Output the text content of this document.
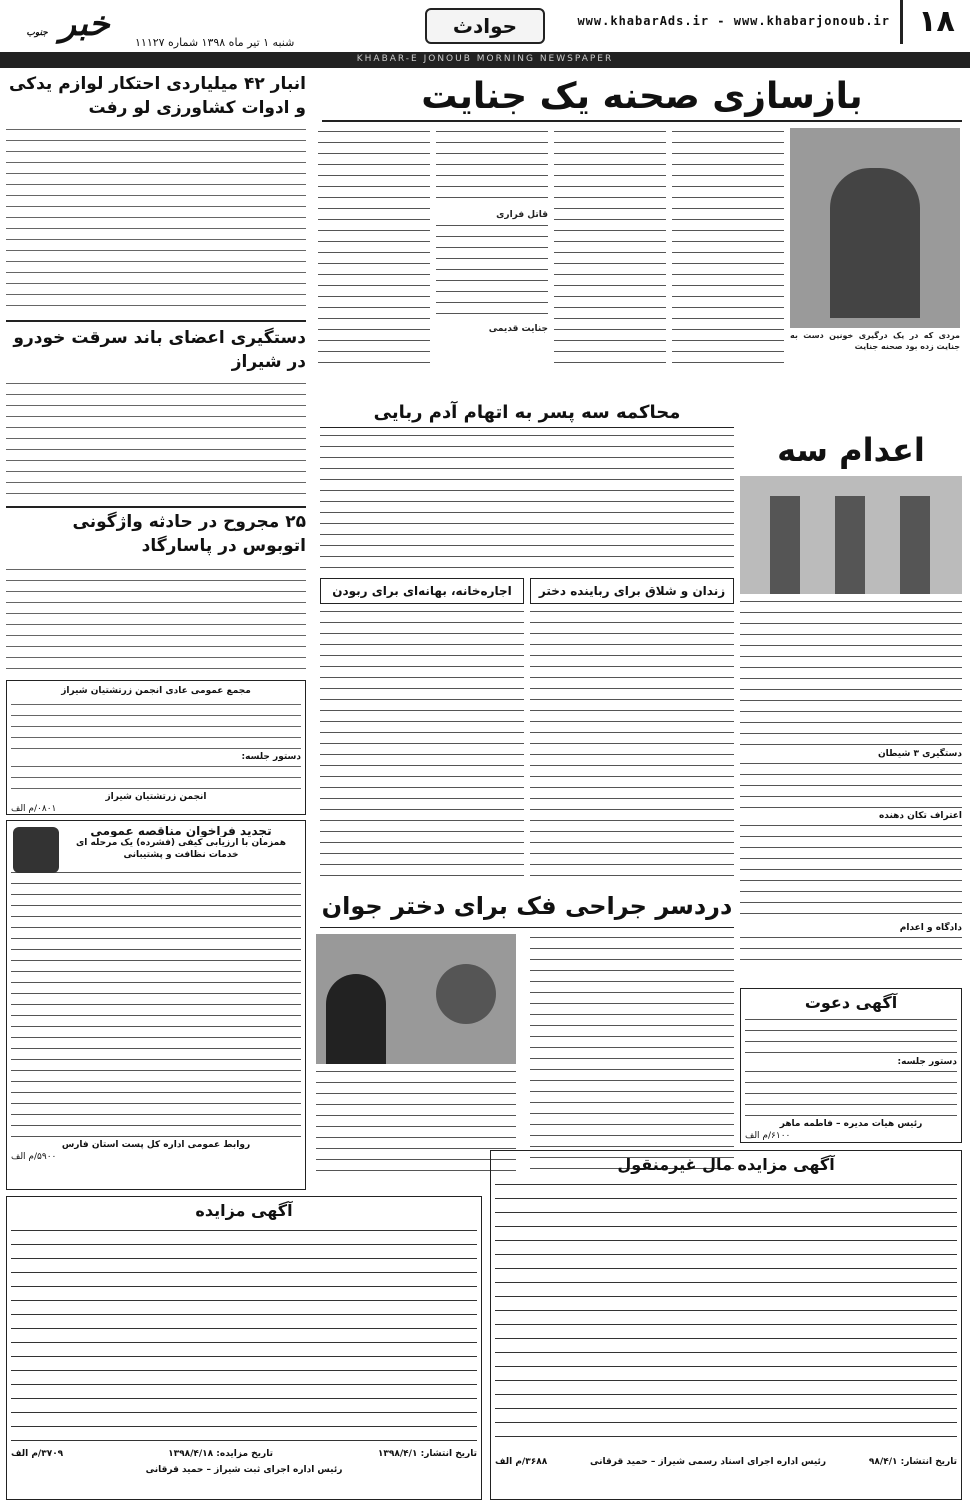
١٨
www.khabarAds.ir - www.khabarjonoub.ir
حوادث
خبر جنوب
شنبه ۱ تیر ماه ۱۳۹۸ شماره ۱۱۱۲۷
KHABAR-E JONOUB MORNING NEWSPAPER
بازسازی صحنه یک جنایت
مردی که در یک درگیری خونین دست به جنایت زده بود صحنه جنایت
قاتل فراری
جنایت قدیمی
انبار ۴۲ میلیاردی احتکار لوازم یدکی و ادوات کشاورزی لو رفت
دستگیری اعضای باند سرقت خودرو در شیراز
۲۵ مجروح در حادثه واژگونی اتوبوس در پاسارگاد
مجمع عمومی عادی انجمن زرتشتیان شیراز
دستور جلسه:
انجمن زرتشتیان شیراز
۰۸۰۱/م الف
تجدید فراخوان مناقصه عمومی
همزمان با ارزیابی کیفی (فشرده) یک مرحله ای خدمات نظافت و پشتیبانی
روابط عمومی اداره کل پست استان فارس
۵۹۰۰/م الف
اعدام سه
دستگیری ۳ شیطان
اعتراف تکان دهنده
دادگاه و اعدام
آگهی دعوت
دستور جلسه:
رئیس هیات مدیره – فاطمه ماهر
۶۱۰۰/م الف
محاکمه سه پسر به اتهام آدم ربایی
زندان و شلاق برای رباینده دختر
اجاره‌خانه، بهانه‌ای برای ربودن
دردسر جراحی فک برای دختر جوان
آگهی مزایده مال غیرمنقول
تاریخ انتشار: ۹۸/۴/۱
رئیس اداره اجرای اسناد رسمی شیراز – حمید قرقانی
۳۶۸۸/م الف
آگهی مزایده
تاریخ انتشار: ۱۳۹۸/۴/۱
تاریخ مزایده: ۱۳۹۸/۴/۱۸
۳۷۰۹/م الف
رئیس اداره اجرای ثبت شیراز – حمید قرقانی
